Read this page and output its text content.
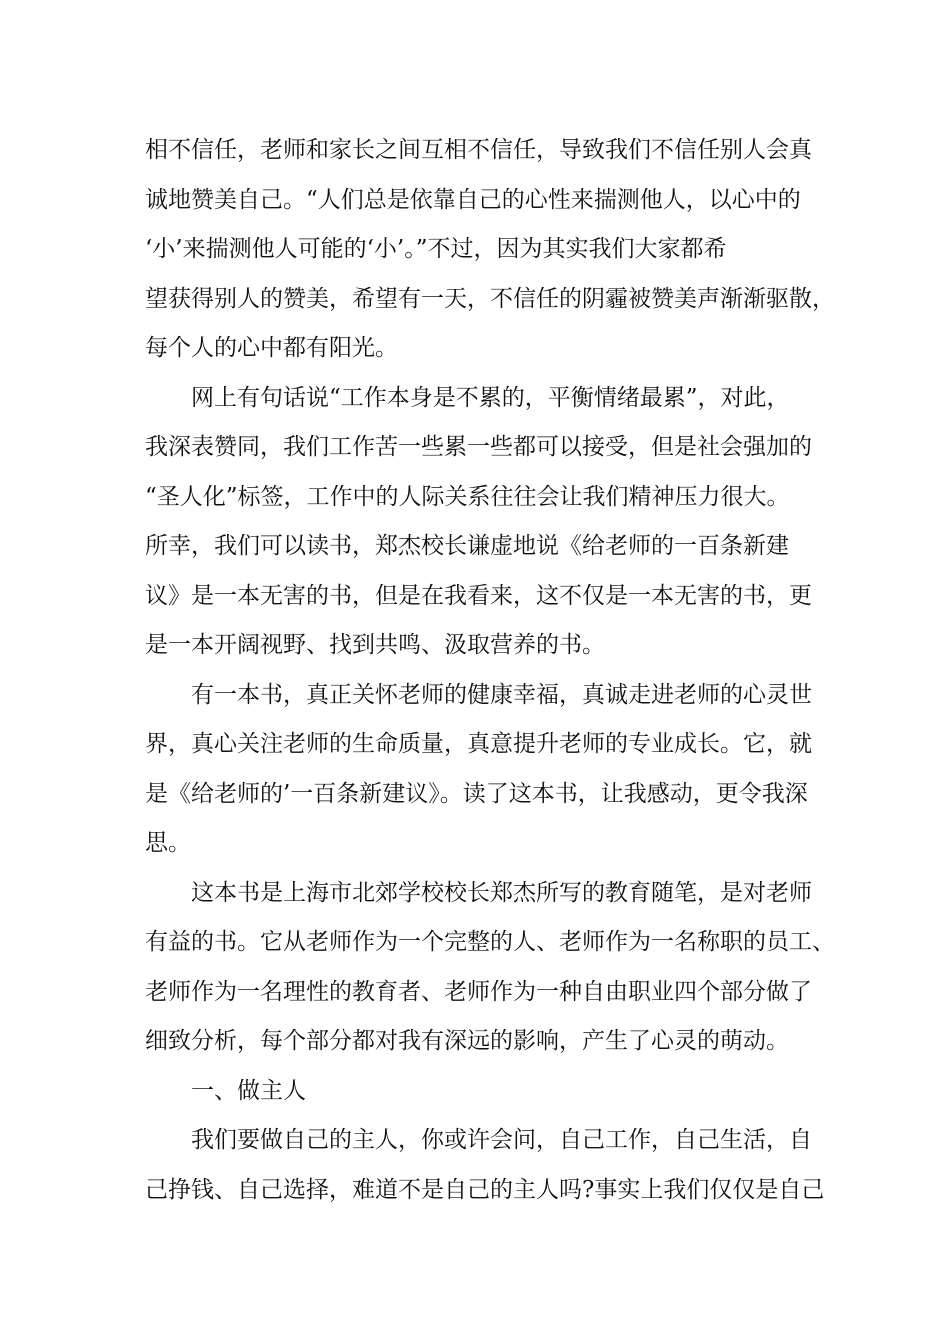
相不信任，老师和家长之间互相不信任，导致我们不信任别人会真
诚地赞美自己。“人们总是依靠自己的心性来揣测他人，以心中的
‘小’来揣测他人可能的‘小’。”不过，因为其实我们大家都希
望获得别人的赞美，希望有一天，不信任的阴霾被赞美声渐渐驱散，
每个人的心中都有阳光。
网上有句话说“工作本身是不累的，平衡情绪最累”，对此，
我深表赞同，我们工作苦一些累一些都可以接受，但是社会强加的
“圣人化”标签，工作中的人际关系往往会让我们精神压力很大。
所幸，我们可以读书，郑杰校长谦虚地说《给老师的一百条新建
议》是一本无害的书，但是在我看来，这不仅是一本无害的书，更
是一本开阔视野、找到共鸣、汲取营养的书。
有一本书，真正关怀老师的健康幸福，真诚走进老师的心灵世
界，真心关注老师的生命质量，真意提升老师的专业成长。它，就
是《给老师的’一百条新建议》。读了这本书，让我感动，更令我深
思。
这本书是上海市北郊学校校长郑杰所写的教育随笔，是对老师
有益的书。它从老师作为一个完整的人、老师作为一名称职的员工、
老师作为一名理性的教育者、老师作为一种自由职业四个部分做了
细致分析，每个部分都对我有深远的影响，产生了心灵的萌动。
一、做主人
我们要做自己的主人，你或许会问，自己工作，自己生活，自
己挣钱、自己选择，难道不是自己的主人吗?事实上我们仅仅是自己
